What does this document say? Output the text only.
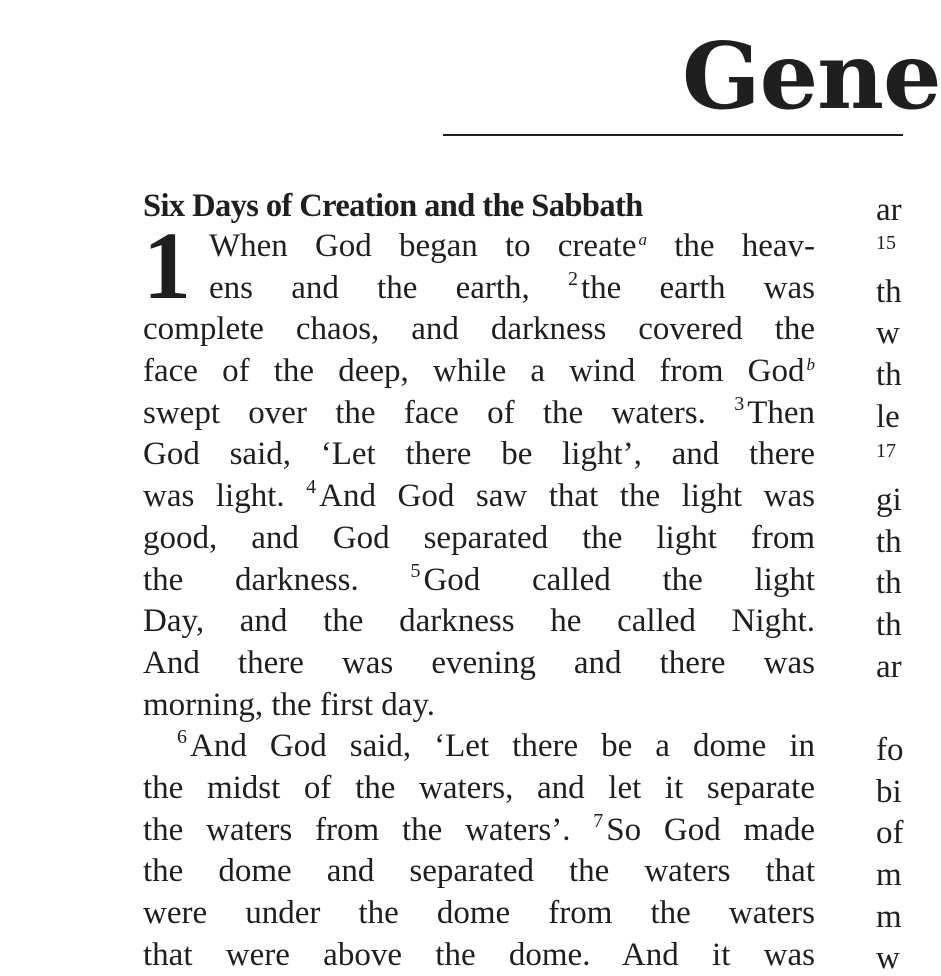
Gene
Six Days of Creation and the Sabbath
1 When God began to create $^a$ the heav-
ens and the earth, $^2$the earth was
complete chaos, and darkness covered the
face of the deep, while a wind from God $^b$
swept over the face of the waters. $^3$Then
God said, ‘Let there be light’, and there
was light. $^4$And God saw that the light was
good, and God separated the light from
the darkness. $^5$God called the light
Day, and the darkness he called Night.
And there was evening and there was
morning, the first day.
$^6$And God said, ‘Let there be a dome in
the midst of the waters, and let it separate
the waters from the waters’. $^7$So God made
the dome and separated the waters that
were under the dome from the waters
that were above the dome. And it was
ar
15
th
w
th
le
17
gi
th
th
th
ar
fo
bi
of
m
m
w
